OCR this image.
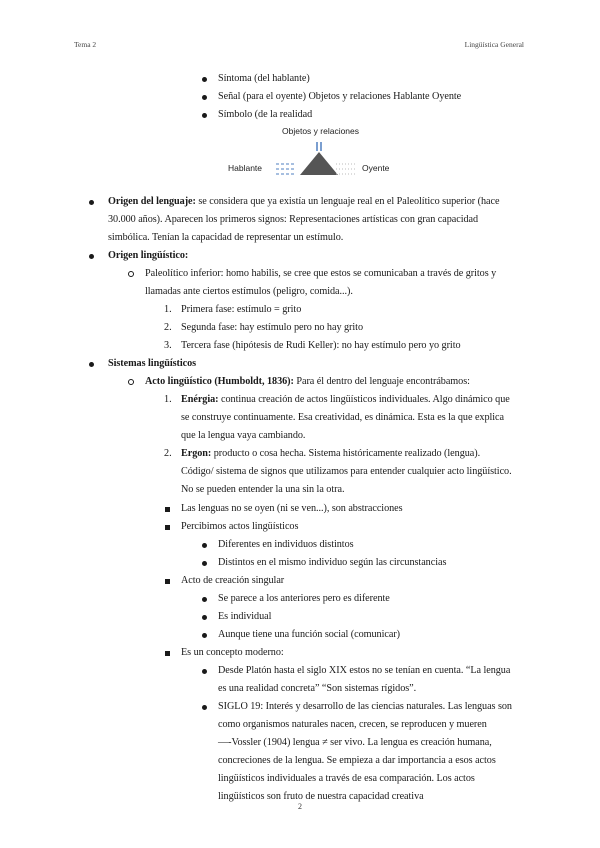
Tema 2	Lingüística General
Síntoma (del hablante)
Señal (para el oyente) Objetos y relaciones Hablante Oyente
Símbolo (de la realidad
Objetos y relaciones
Hablante	Oyente
Origen del lenguaje: se considera que ya existía un lenguaje real en el Paleolítico superior (hace
30.000 años). Aparecen los primeros signos: Representaciones artísticas con gran capacidad
simbólica. Tenían la capacidad de representar un estímulo.
Origen lingüístico:
Paleolítico inferior: homo habilis, se cree que estos se comunicaban a través de gritos y
llamadas ante ciertos estímulos (peligro, comida...).
1. Primera fase: estímulo = grito
2. Segunda fase: hay estímulo pero no hay grito
3. Tercera fase (hipótesis de Rudi Keller): no hay estímulo pero yo grito
Sistemas lingüísticos
Acto lingüístico (Humboldt, 1836): Para él dentro del lenguaje encontrábamos:
1. Enérgia: continua creación de actos lingüísticos individuales. Algo dinámico que
se construye continuamente. Esa creatividad, es dinámica. Esta es la que explica
que la lengua vaya cambiando.
2. Ergon: producto o cosa hecha. Sistema históricamente realizado (lengua).
Código/ sistema de signos que utilizamos para entender cualquier acto lingüístico.
No se pueden entender la una sin la otra.
Las lenguas no se oyen (ni se ven...), son abstracciones
Percibimos actos lingüísticos
Diferentes en individuos distintos
Distintos en el mismo individuo según las circunstancias
Acto de creación singular
Se parece a los anteriores pero es diferente
Es individual
Aunque tiene una función social (comunicar)
Es un concepto moderno:
Desde Platón hasta el siglo XIX estos no se tenían en cuenta. “La lengua
es una realidad concreta” “Son sistemas rígidos”.
SIGLO 19: Interés y desarrollo de las ciencias naturales. Las lenguas son
como organismos naturales nacen, crecen, se reproducen y mueren
—-Vossler (1904) lengua ≠ ser vivo. La lengua es creación humana,
concreciones de la lengua. Se empieza a dar importancia a esos actos
lingüísticos individuales a través de esa comparación. Los actos
lingüísticos son fruto de nuestra capacidad creativa
2
